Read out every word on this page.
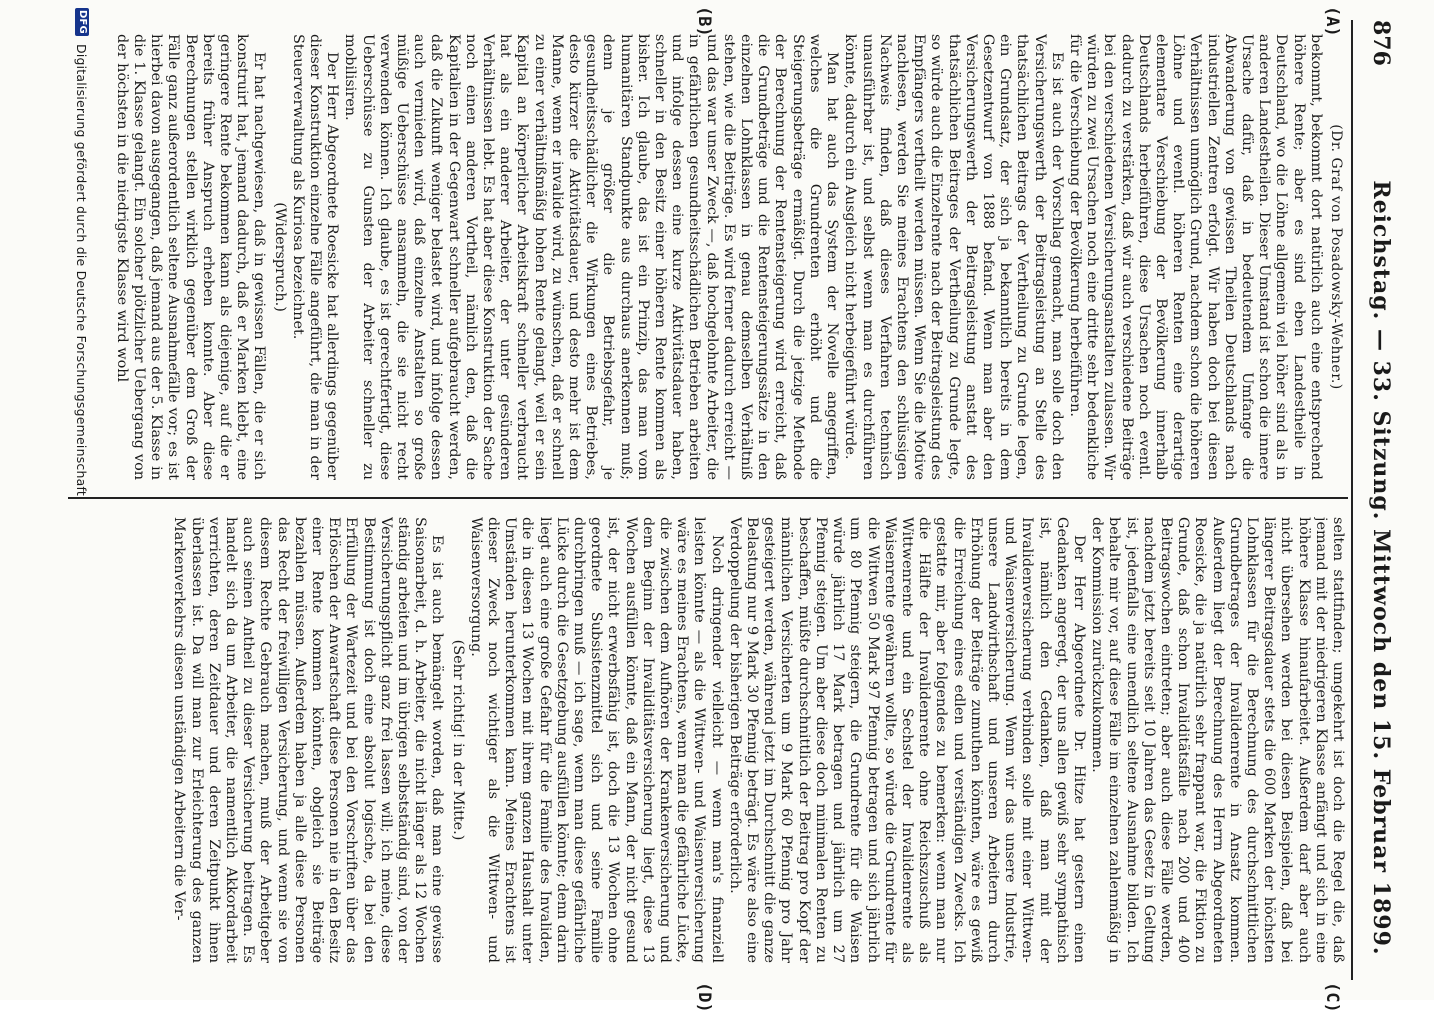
876
Reichstag. — 33. Sitzung. Mittwoch den 15. Februar 1899.
(A)
(B)
(C)
(D)
(Dr. Graf von Posadowsky-Wehner.)

bekommt, bekommt dort natürlich auch eine entsprechend höhere Rente; aber es sind eben Landestheile in Deutschland, wo die Löhne allgemein viel höher sind als in anderen Landestheilen. Dieser Umstand ist schon die innere Ursache dafür, daß in bedeutendem Umfange die Abwanderung von gewissen Theilen Deutschlands nach industriellen Zentren erfolgt. Wir haben doch bei diesen Verhältnissen unmöglich Grund, nachdem schon die höheren Löhne und eventl. höheren Renten eine derartige elementare Verschiebung der Bevölkerung innerhalb Deutschlands herbeiführen, diese Ursachen noch eventl. dadurch zu verstärken, daß wir auch verschiedene Beiträge bei den verschiedenen Versicherungsanstalten zulassen. Wir würden zu zwei Ursachen noch eine dritte sehr bedenkliche für die Verschiebung der Bevölkerung herbeiführen.

Es ist auch der Vorschlag gemacht, man solle doch den Versicherungswerth der Beitragsleistung an Stelle des thatsächlichen Beitrags der Vertheilung zu Grunde legen, ein Grundsatz, der sich ja bekanntlich bereits in dem Gesetzentwurf von 1888 befand. Wenn man aber den Versicherungswerth der Beitragsleistung anstatt des thatsächlichen Beitrages der Vertheilung zu Grunde legte, so würde auch die Einzelrente nach der Beitragsleistung des Empfängers vertheilt werden müssen. Wenn Sie die Motive nachlesen, werden Sie meines Erachtens den schlüssigen Nachweis finden, daß dieses Verfahren technisch unausführbar ist, und selbst wenn man es durchführen könnte, dadurch ein Ausgleich nicht herbeigeführt würde.

Man hat auch das System der Novelle angegriffen, welches die Grundrenten erhöht und die Steigerungsbeträge ermäßigt. Durch die jetzige Methode der Berechnung der Rentensteigerung wird erreicht, daß die Grundbeträge und die Rentensteigerungssätze in den einzelnen Lohnklassen in genau demselben Verhältniß stehen, wie die Beiträge. Es wird ferner dadurch erreicht — und das war unser Zweck —, daß hochgelohnte Arbeiter, die in gefährlichen gesundheitsschädlichen Betrieben arbeiten und infolge dessen eine kurze Aktivitätsdauer haben, schneller in den Besitz einer höheren Rente kommen als bisher. Ich glaube, das ist ein Prinzip, das man vom humanitären Standpunkte aus durchaus anerkennen muß; denn je größer die Betriebsgefahr, je gesundheitsschädlicher die Wirkungen eines Betriebes, desto kürzer die Aktivitätsdauer, und desto mehr ist dem Manne, wenn er invalide wird, zu wünschen, daß er schnell zu einer verhältnißmäßig hohen Rente gelangt, weil er sein Kapital an körperlicher Arbeitskraft schneller verbraucht hat als ein anderer Arbeiter, der unter gesünderen Verhältnissen lebt. Es hat aber diese Konstruktion der Sache noch einen anderen Vortheil, nämlich den, daß die Kapitalien in der Gegenwart schneller aufgebraucht werden, daß die Zukunft weniger belastet wird, und infolge dessen auch vermieden wird, daß einzelne Anstalten so große müßige Ueberschüsse ansammeln, die sie nicht recht verwenden können. Ich glaube, es ist gerechtfertigt, diese Ueberschüsse zu Gunsten der Arbeiter schneller zu mobilisiren.

Der Herr Abgeordnete Roesicke hat allerdings gegenüber dieser Konstruktion einzelne Fälle angeführt, die man in der Steuerverwaltung als Kuriosa bezeichnet.

(Widerspruch.)

Er hat nachgewiesen, daß in gewissen Fällen, die er sich konstruirt hat, jemand dadurch, daß er Marken klebt, eine geringere Rente bekommen kann als diejenige, auf die er bereits früher Anspruch erheben konnte. Aber diese Berechnungen stellen wirklich gegenüber dem Groß der Fälle ganz außerordentlich seltene Ausnahmefälle vor; es ist hierbei davon ausgegangen, daß jemand aus der 5. Klasse in die 1. Klasse gelangt. Ein solcher plötzlicher Uebergang von der höchsten in die niedrigste Klasse wird wohl

selten stattfinden; umgekehrt ist doch die Regel die, daß jemand mit der niedrigeren Klasse anfängt und sich in eine höhere Klasse hinaufarbeitet. Außerdem darf aber auch nicht übersehen werden bei diesen Beispielen, daß bei längerer Beitragsdauer stets die 600 Marken der höchsten Lohnklassen für die Berechnung des durchschnittlichen Grundbetrages der Invalidenrente in Ansatz kommen. Außerdem liegt der Berechnung des Herrn Abgeordneten Roesicke, die ja natürlich sehr frappant war, die Fiktion zu Grunde, daß schon Invaliditätsfälle nach 200 und 400 Beitragswochen eintreten; aber auch diese Fälle werden, nachdem jetzt bereits seit 10 Jahren das Gesetz in Geltung ist, jedenfalls eine unendlich seltene Ausnahme bilden. Ich behalte mir vor, auf diese Fälle im einzelnen zahlenmäßig in der Kommission zurückzukommen.

Der Herr Abgeordnete Dr. Hitze hat gestern einen Gedanken angeregt, der uns allen gewiß sehr sympathisch ist, nämlich den Gedanken, daß man mit der Invalidenversicherung verbinden solle mit einer Wittwen- und Waisenversicherung. Wenn wir das unsere Industrie, unsere Landwirthschaft und unseren Arbeitern durch Erhöhung der Beiträge zumuthen könnten, wäre es gewiß die Erreichung eines edlen und verständigen Zwecks. Ich gestatte mir, aber folgendes zu bemerken: wenn man nur die Hälfte der Invalidenrente ohne Reichszuschuß als Wittwenrente und ein Sechstel der Invalidenrente als Waisenrente gewähren wollte, so würde die Grundrente für die Wittwen 50 Mark 97 Pfennig betragen und sich jährlich um 80 Pfennig steigern, die Grundrente für die Waisen würde jährlich 17 Mark betragen und jährlich um 27 Pfennig steigen. Um aber diese doch minimalen Renten zu beschaffen, müßte durchschnittlich der Beitrag pro Kopf der männlichen Versicherten um 9 Mark 60 Pfennig pro Jahr gesteigert werden, während jetzt im Durchschnitt die ganze Belastung nur 9 Mark 30 Pfennig beträgt. Es wäre also eine Verdoppelung der bisherigen Beiträge erforderlich.

Noch dringender vielleicht — wenn man's finanziell leisten könnte — als die Wittwen- und Waisenversicherung wäre es meines Erachtens, wenn man die gefährliche Lücke, die zwischen dem Aufhören der Krankenversicherung und dem Beginn der Invaliditätsversicherung liegt, diese 13 Wochen ausfüllen könnte, daß ein Mann, der nicht gesund ist, der nicht erwerbsfähig ist, doch die 13 Wochen ohne geordnete Subsistenzmittel sich und seine Familie durchbringen muß — ich sage, wenn man diese gefährliche Lücke durch die Gesetzgebung ausfüllen könnte; denn darin liegt auch eine große Gefahr für die Familie des Invaliden, die in diesen 13 Wochen mit ihrem ganzen Haushalt unter Umständen herunterkommen kann. Meines Erachtens ist dieser Zweck noch wichtiger als die Wittwen- und Waisenversorgung.

(Sehr richtig! in der Mitte.)

Es ist auch bemängelt worden, daß man eine gewisse Saisonarbeit, d. h. Arbeiter, die nicht länger als 12 Wochen ständig arbeiten und im übrigen selbstständig sind, von der Versicherungspflicht ganz frei lassen will; ich meine, diese Bestimmung ist doch eine absolut logische, da bei den Erfüllung der Wartezeit und bei den Vorschriften über das Erlöschen der Anwartschaft diese Personen nie in den Besitz einer Rente kommen könnten, obgleich sie Beiträge bezahlen müssen. Außerdem haben ja alle diese Personen das Recht der freiwilligen Versicherung, und wenn sie von diesem Rechte Gebrauch machen, muß der Arbeitgeber auch seinen Antheil zu dieser Versicherung beitragen. Es handelt sich da um Arbeiter, die namentlich Akkordarbeit verrichten, deren Zeitdauer und deren Zeitpunkt ihnen überlassen ist. Da will man zur Erleichterung des ganzen Markenverkehrs diesen unständigen Arbeitern die Ver-

DFG
Digitalisierung gefördert durch die Deutsche Forschungsgemeinschaft
